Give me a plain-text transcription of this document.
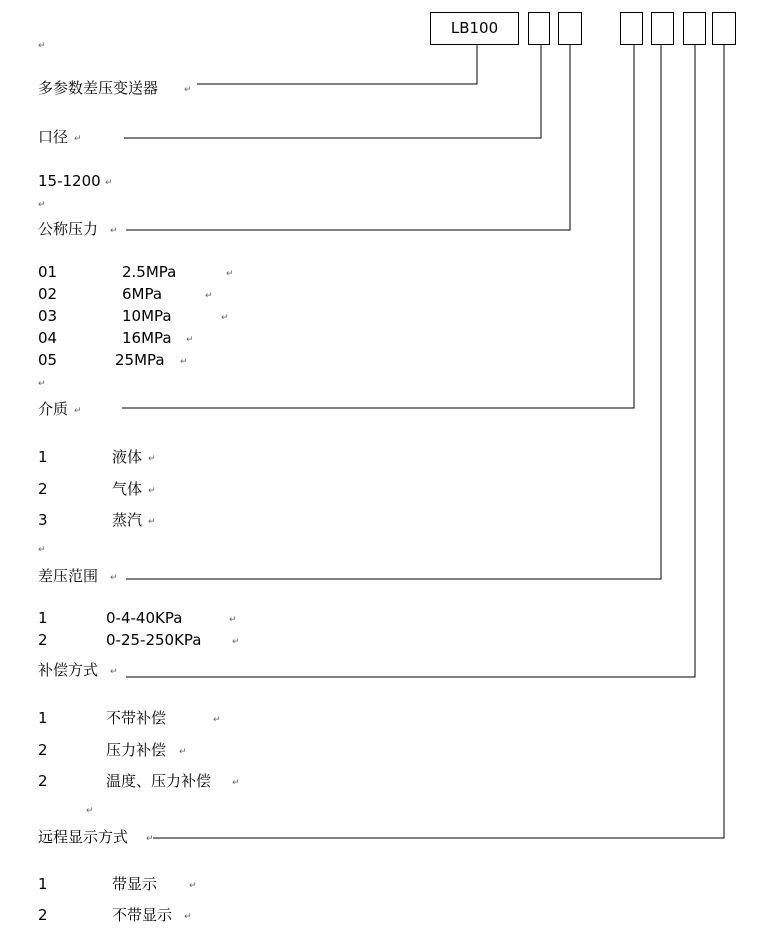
LB100
↵
多参数差压变送器	↵
口径 ↵
15-1200 ↵
↵
公称压力 ↵
01	2.5MPa	↵
02	6MPa	↵
03	10MPa	↵
04	16MPa ↵
05	25MPa ↵
↵
介质 ↵
1	液体 ↵
2	气体 ↵
3	蒸汽 ↵
↵
差压范围 ↵
1	0-4-40KPa	↵
2	0-25-250KPa	↵
补偿方式 ↵
1	不带补偿	↵
2	压力补偿 ↵
2	温度、压力补偿 ↵
↵
远程显示方式 ↵
1	带显示	↵
2	不带显示 ↵
